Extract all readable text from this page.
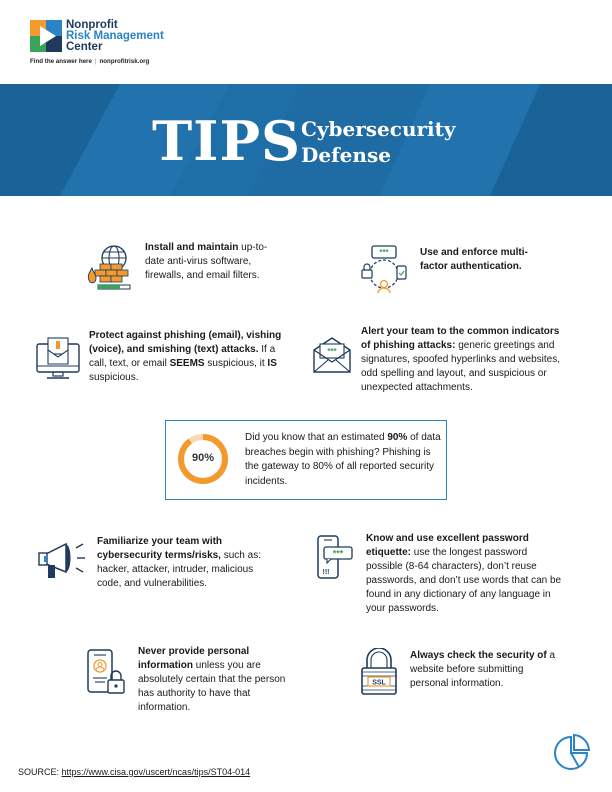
Nonprofit
Risk Management
Center
Find the answer here | nonprofitrisk.org
TIPS Cybersecurity
Defense
Install and maintain up-to-date anti-virus software, firewalls, and email filters.
***	Use and enforce multi-factor authentication.
Protect against phishing (email), vishing (voice), and smishing (text) attacks. If a call, text, or email SEEMS suspicious, it IS suspicious.
***
Alert your team to the common indicators of phishing attacks: generic greetings and signatures, spoofed hyperlinks and websites, odd spelling and layout, and suspicious or unexpected attachments.
90%
Did you know that an estimated 90% of data breaches begin with phishing? Phishing is the gateway to 80% of all reported security incidents.
Familiarize your team with cybersecurity terms/risks, such as: hacker, attacker, intruder, malicious code, and vulnerabilities.
***
!!!
Know and use excellent password etiquette: use the longest password possible (8-64 characters), don’t reuse passwords, and don’t use words that can be found in any dictionary of any language in your passwords.
Never provide personal information unless you are absolutely certain that the person has authority to have that information.
SSL
Always check the security of a website before submitting personal information.
SOURCE: https://www.cisa.gov/uscert/ncas/tips/ST04-014
